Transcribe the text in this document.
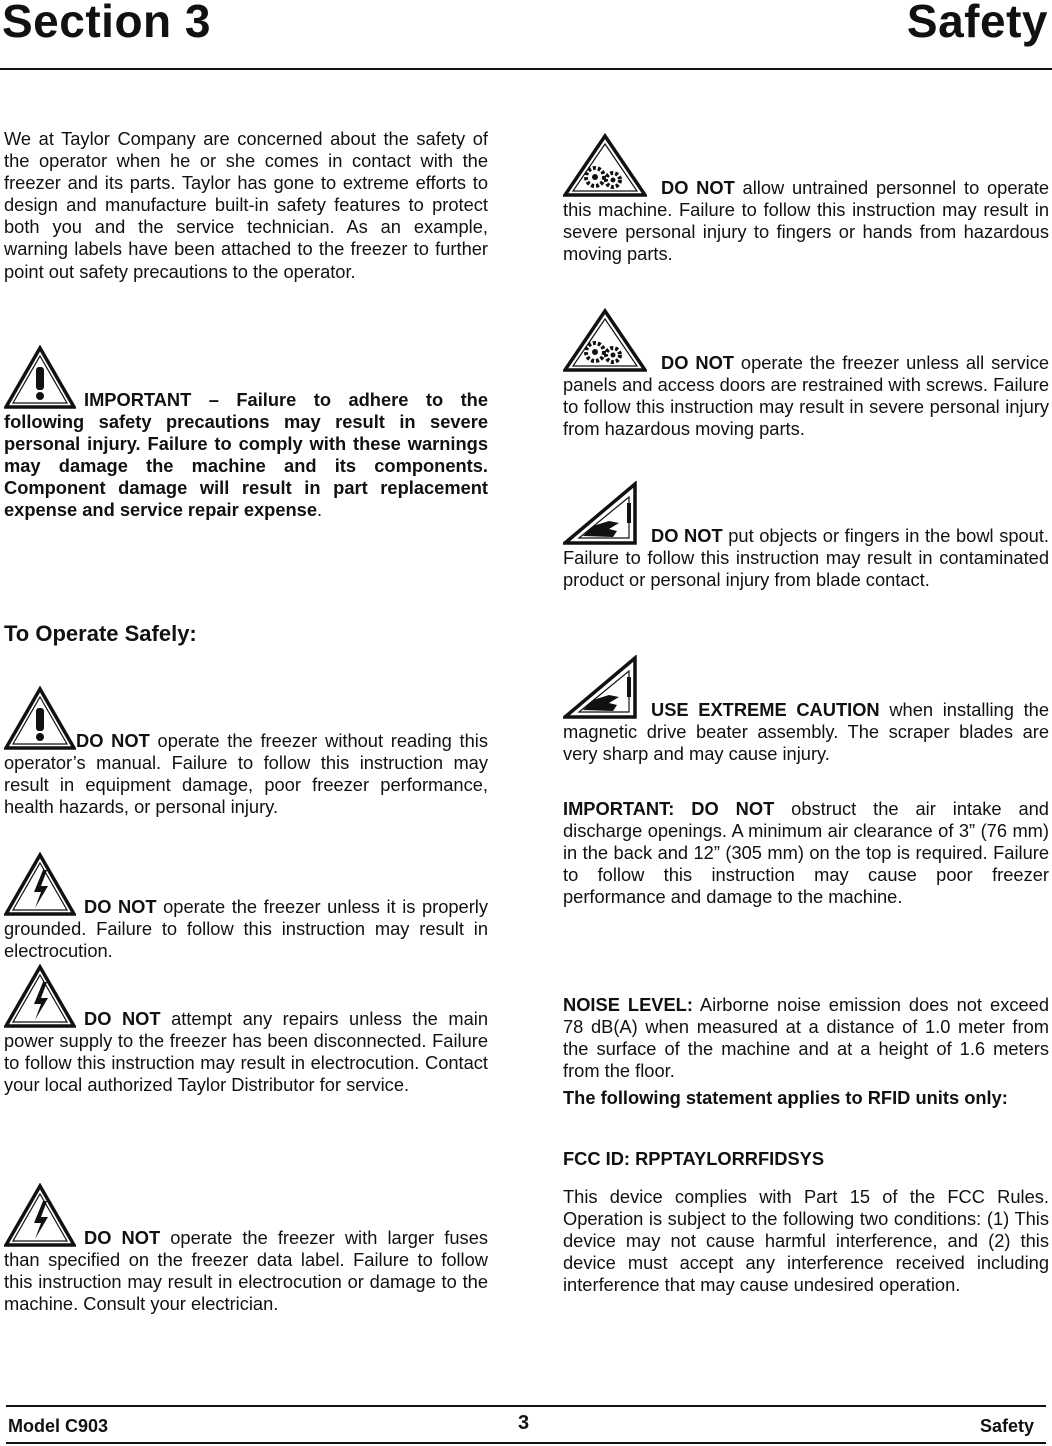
Section 3	Safety

We at Taylor Company are concerned about the safety of the operator when he or she comes in contact with the freezer and its parts. Taylor has gone to extreme efforts to design and manufacture built-in safety features to protect both you and the service technician. As an example, warning labels have been attached to the freezer to further point out safety precautions to the operator.

IMPORTANT – Failure to adhere to the following safety precautions may result in severe personal injury. Failure to comply with these warnings may damage the machine and its components. Component damage will result in part replacement expense and service repair expense.

To Operate Safely:

DO NOT operate the freezer without reading this operator’s manual. Failure to follow this instruction may result in equipment damage, poor freezer performance, health hazards, or personal injury.

DO NOT operate the freezer unless it is properly grounded. Failure to follow this instruction may result in electrocution.

DO NOT attempt any repairs unless the main power supply to the freezer has been disconnected. Failure to follow this instruction may result in electrocution. Contact your local authorized Taylor Distributor for service.

DO NOT operate the freezer with larger fuses than specified on the freezer data label. Failure to follow this instruction may result in electrocution or damage to the machine. Consult your electrician.

DO NOT allow untrained personnel to operate this machine. Failure to follow this instruction may result in severe personal injury to fingers or hands from hazardous moving parts.

DO NOT operate the freezer unless all service panels and access doors are restrained with screws. Failure to follow this instruction may result in severe personal injury from hazardous moving parts.

DO NOT put objects or fingers in the bowl spout. Failure to follow this instruction may result in contaminated product or personal injury from blade contact.

USE EXTREME CAUTION when installing the magnetic drive beater assembly. The scraper blades are very sharp and may cause injury.

IMPORTANT: DO NOT obstruct the air intake and discharge openings. A minimum air clearance of 3” (76 mm) in the back and 12” (305 mm) on the top is required. Failure to follow this instruction may cause poor freezer performance and damage to the machine.

NOISE LEVEL: Airborne noise emission does not exceed 78 dB(A) when measured at a distance of 1.0 meter from the surface of the machine and at a height of 1.6 meters from the floor.

The following statement applies to RFID units only:

FCC ID: RPPTAYLORRFIDSYS

This device complies with Part 15 of the FCC Rules. Operation is subject to the following two conditions: (1) This device may not cause harmful interference, and (2) this device must accept any interference received including interference that may cause undesired operation.

Model C903	3	Safety
